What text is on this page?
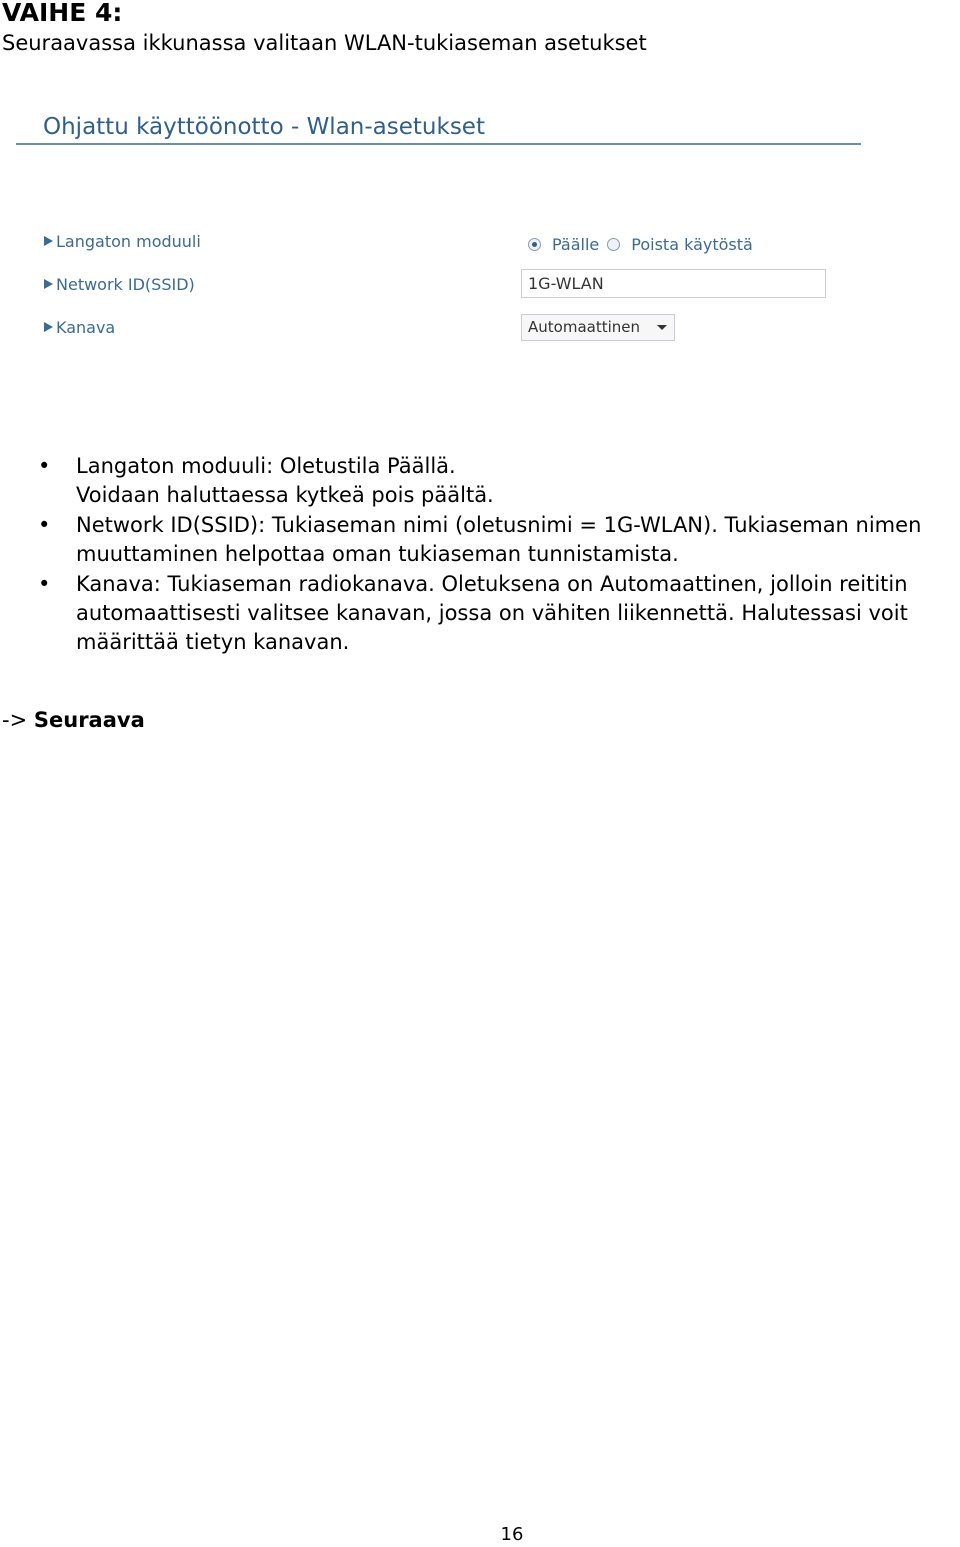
VAIHE 4:

Seuraavassa ikkunassa valitaan WLAN-tukiaseman asetukset

Ohjattu käyttöönotto - Wlan-asetukset
Langaton moduuli
Network ID(SSID)
Kanava
Päälle Poista käytöstä
1G-WLAN
Automaattinen
• Langaton moduuli: Oletustila Päällä.
Voidaan haluttaessa kytkeä pois päältä.
• Network ID(SSID): Tukiaseman nimi (oletusnimi = 1G-WLAN). Tukiaseman nimen
muuttaminen helpottaa oman tukiaseman tunnistamista.
• Kanava: Tukiaseman radiokanava. Oletuksena on Automaattinen, jolloin reititin
automaattisesti valitsee kanavan, jossa on vähiten liikennettä. Halutessasi voit
määrittää tietyn kanavan.
-> Seuraava
16
